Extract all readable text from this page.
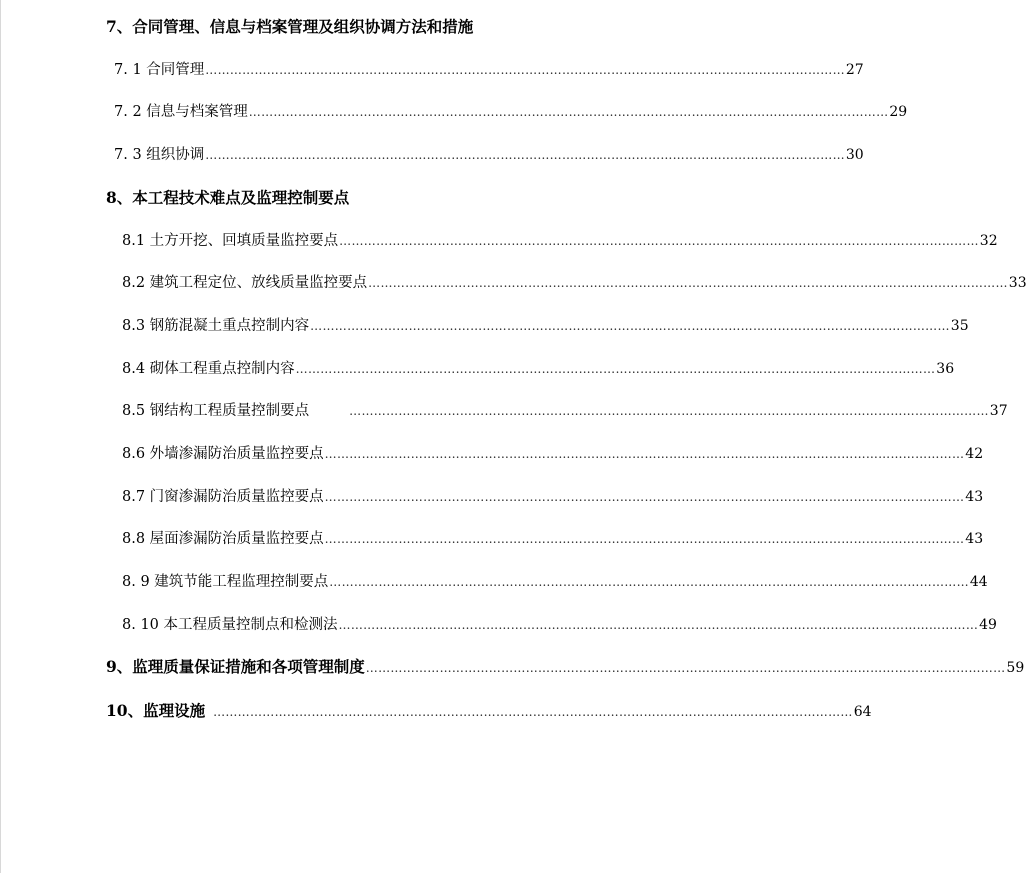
7、合同管理、信息与档案管理及组织协调方法和措施
7. 1 合同管理 ………………………………………………………………………………………………………………………………………… 27
7. 2 信息与档案管理 ………………………………………………………………………………………………………………………………………… 29
7. 3 组织协调 ………………………………………………………………………………………………………………………………………… 30
8、本工程技术难点及监理控制要点
8.1 土方开挖、回填质量监控要点 ………………………………………………………………………………………………………………………………………… 32
8.2 建筑工程定位、放线质量监控要点 ………………………………………………………………………………………………………………………………………… 33
8.3 钢筋混凝土重点控制内容 ………………………………………………………………………………………………………………………………………… 35
8.4 砌体工程重点控制内容 ………………………………………………………………………………………………………………………………………… 36
8.5 钢结构工程质量控制要点	………………………………………………………………………………………………………………………………………… 37
8.6 外墙渗漏防治质量监控要点 ………………………………………………………………………………………………………………………………………… 42
8.7 门窗渗漏防治质量监控要点 ………………………………………………………………………………………………………………………………………… 43
8.8 屋面渗漏防治质量监控要点 ………………………………………………………………………………………………………………………………………… 43
8. 9 建筑节能工程监理控制要点 ………………………………………………………………………………………………………………………………………… 44
8. 10 本工程质量控制点和检测法 ………………………………………………………………………………………………………………………………………… 49
9、监理质量保证措施和各项管理制度 ………………………………………………………………………………………………………………………………………… 59
10、监理设施 ………………………………………………………………………………………………………………………………………… 64
